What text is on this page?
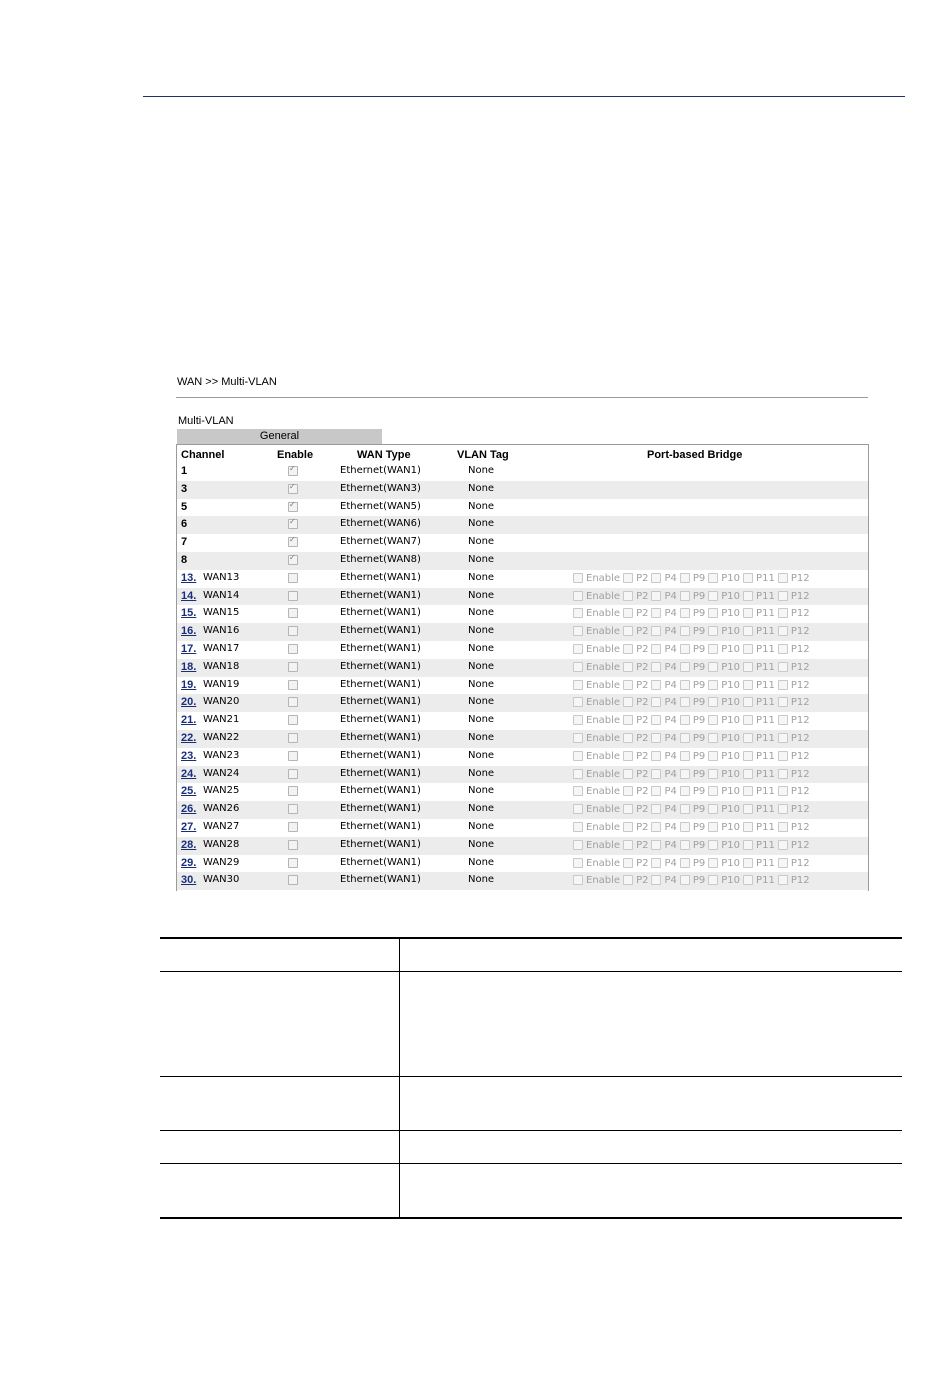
WAN >> Multi-VLAN
Multi-VLAN
General
Channel	Enable	WAN Type	VLAN Tag	Port-based Bridge
1 ✓	Ethernet(WAN1)	None
3 ✓	Ethernet(WAN3)	None
5 ✓	Ethernet(WAN5)	None
6 ✓	Ethernet(WAN6)	None
7 ✓	Ethernet(WAN7)	None
8 ✓	Ethernet(WAN8)	None
13. WAN13	Ethernet(WAN1)	None	Enable P2 P4 P9 P10 P11 P12
14. WAN14	Ethernet(WAN1)	None	Enable P2 P4 P9 P10 P11 P12
15. WAN15	Ethernet(WAN1)	None	Enable P2 P4 P9 P10 P11 P12
16. WAN16	Ethernet(WAN1)	None	Enable P2 P4 P9 P10 P11 P12
17. WAN17	Ethernet(WAN1)	None	Enable P2 P4 P9 P10 P11 P12
18. WAN18	Ethernet(WAN1)	None	Enable P2 P4 P9 P10 P11 P12
19. WAN19	Ethernet(WAN1)	None	Enable P2 P4 P9 P10 P11 P12
20. WAN20	Ethernet(WAN1)	None	Enable P2 P4 P9 P10 P11 P12
21. WAN21	Ethernet(WAN1)	None	Enable P2 P4 P9 P10 P11 P12
22. WAN22	Ethernet(WAN1)	None	Enable P2 P4 P9 P10 P11 P12
23. WAN23	Ethernet(WAN1)	None	Enable P2 P4 P9 P10 P11 P12
24. WAN24	Ethernet(WAN1)	None	Enable P2 P4 P9 P10 P11 P12
25. WAN25	Ethernet(WAN1)	None	Enable P2 P4 P9 P10 P11 P12
26. WAN26	Ethernet(WAN1)	None	Enable P2 P4 P9 P10 P11 P12
27. WAN27	Ethernet(WAN1)	None	Enable P2 P4 P9 P10 P11 P12
28. WAN28	Ethernet(WAN1)	None	Enable P2 P4 P9 P10 P11 P12
29. WAN29	Ethernet(WAN1)	None	Enable P2 P4 P9 P10 P11 P12
30. WAN30	Ethernet(WAN1)	None	Enable P2 P4 P9 P10 P11 P12
